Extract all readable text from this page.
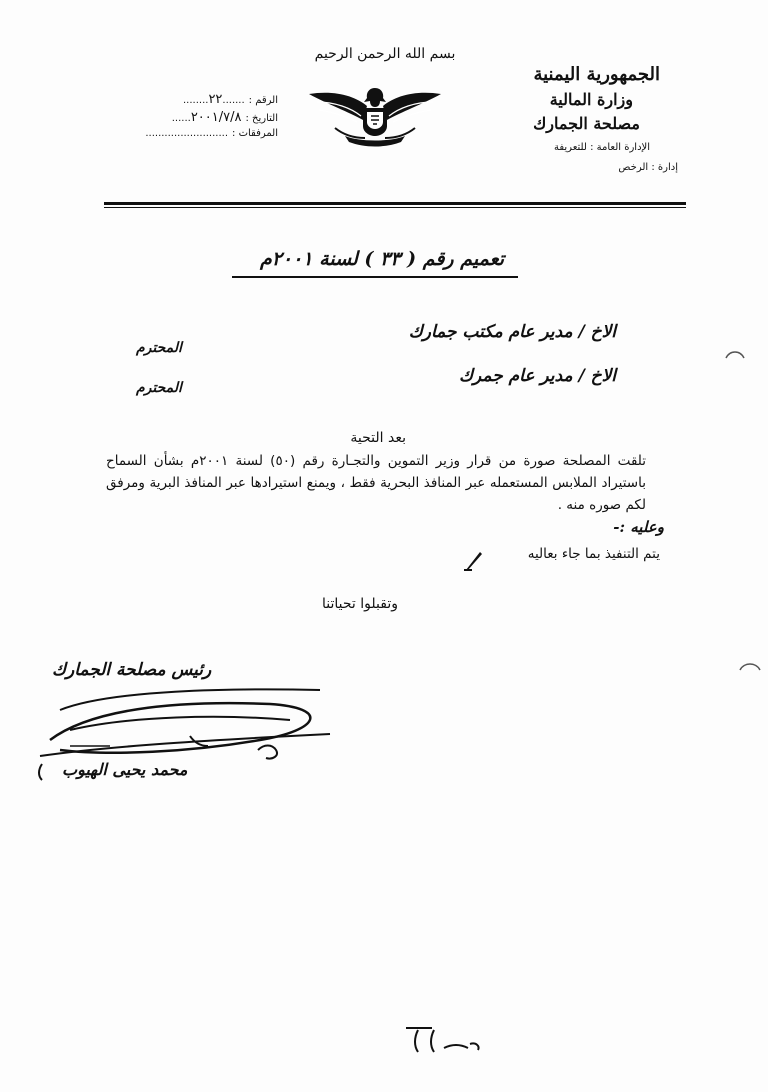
بسم الله الرحمن الرحيم
الجمهورية اليمنية
وزارة المالية
مصلحة الجمارك
الإدارة العامة : للتعريفة
إدارة : الرخص
الرقم :
.......
٢٢
........
التاريخ :
٢٠٠١/٧/٨
......
المرفقات :
..........................
تعميم رقم ( ٣٣ ) لسنة ٢٠٠١م
الاخ / مدير عام مكتب جمارك
المحترم
الاخ / مدير عام جمرك
المحترم
بعد التحية
تلقت المصلحة صورة من قرار وزير التموين والتجـارة رقم (٥٠) لسنة ٢٠٠١م بشأن السماح باستيراد الملابس المستعمله عبر المنافذ البحرية فقط ، ويمنع استيرادها عبر المنافذ البرية ومرفق لكم صوره منه .
وعليه :-
يتم التنفيذ بما جاء بعاليه
وتقبلوا تحياتنا
رئيس مصلحة الجمارك
محمد يحيى الهيوب
